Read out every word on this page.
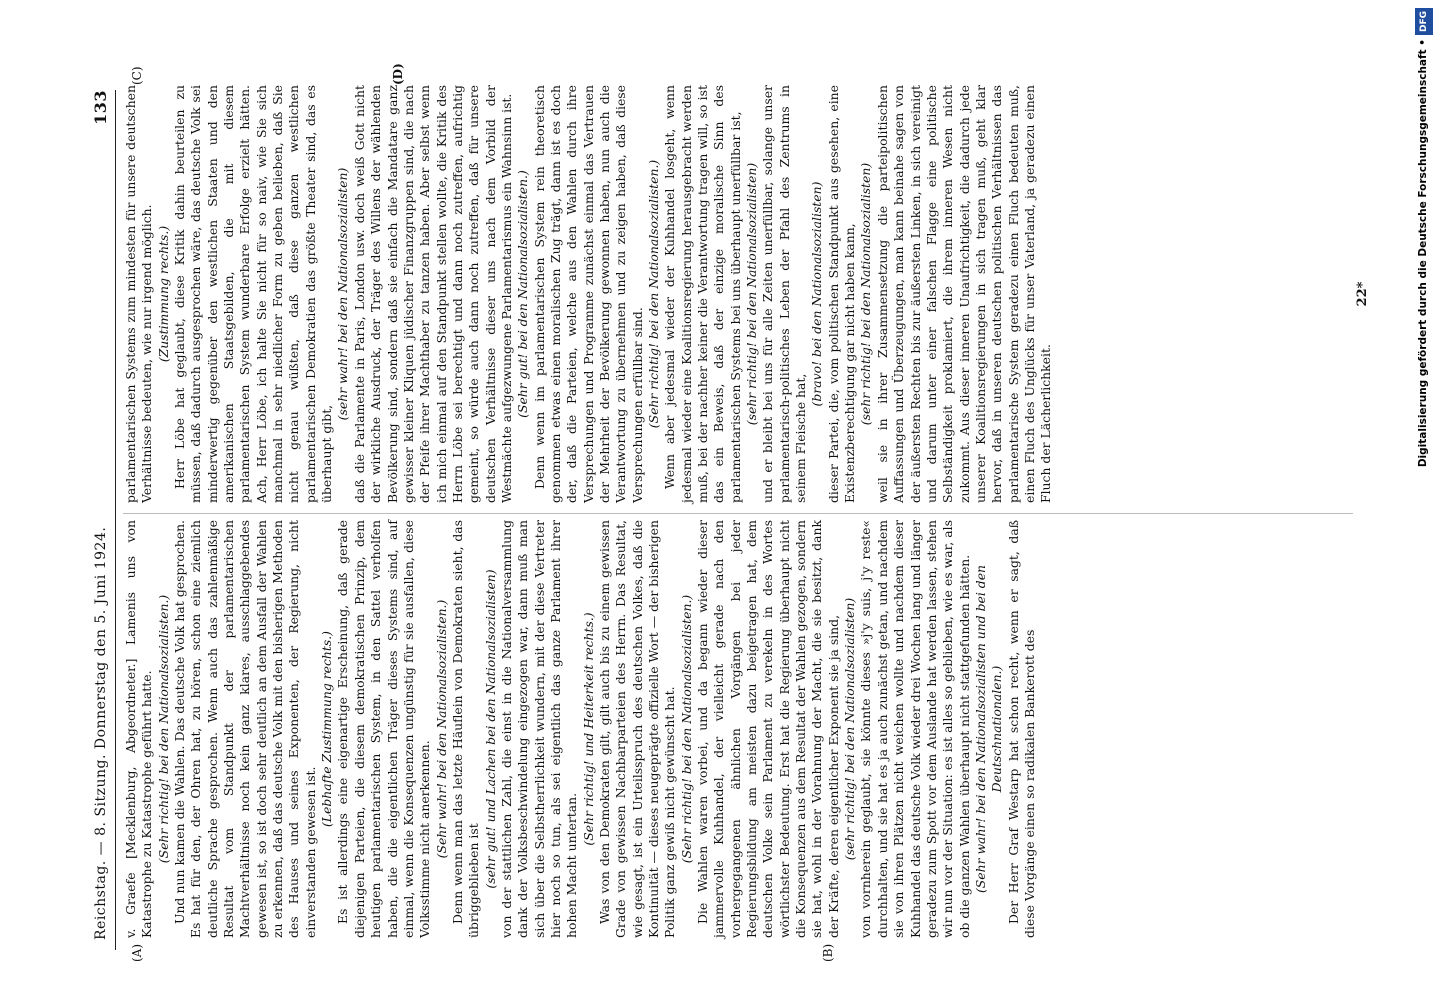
Reichstag. — 8. Sitzung. Donnerstag den 5. Juni 1924.
133
(A)	(B)
(C)	(D)

v. Graefe [Mecklenburg, Abgeordneter.] Lamenis uns von Katastrophe zu Katastrophe geführt hatte. (Sehr richtig! bei den Nationalsozialisten.) Und nun kamen die Wahlen. Das deutsche Volk hat gesprochen. Es hat für den, der Ohren hat, zu hören, schon eine ziemlich deutliche Sprache gesprochen. Wenn auch das zahlenmäßige Resultat vom Standpunkt der parlamentarischen Machtverhältnisse noch kein ganz klares, ausschlaggebendes gewesen ist, so ist doch sehr deutlich an dem Ausfall der Wahlen zu erkennen, daß das deutsche Volk mit den bisherigen Methoden des Hauses und seines Exponenten, der Regierung, nicht einverstanden gewesen ist.

(Lebhafte Zustimmung rechts.) Es ist allerdings eine eigenartige Erscheinung, daß gerade diejenigen Parteien, die diesem demokratischen Prinzip, dem heutigen parlamentarischen System, in den Sattel verholfen haben, die die eigentlichen Träger dieses Systems sind, auf einmal, wenn die Konsequenzen ungünstig für sie ausfallen, diese Volksstimme nicht anerkennen. (Sehr wahr! bei den Nationalsozialisten.) Denn wenn man das letzte Häuflein von Demokraten sieht, das übriggeblieben ist (sehr gut! und Lachen bei den Nationalsozialisten) von der stattlichen Zahl, die einst in die Nationalversammlung dank der Volksbeschwindelung eingezogen war, dann muß man sich über die Selbstherrlichkeit wundern, mit der diese Vertreter hier noch so tun, als sei eigentlich das ganze Parlament ihrer hohen Macht untertan.

(Sehr richtig! und Heiterkeit rechts.) Was von den Demokraten gilt, gilt auch bis zu einem gewissen Grade von gewissen Nachbarparteien des Herrn. Das Resultat, wie gesagt, ist ein Urteilsspruch des deutschen Volkes, daß die Kontinuität — dieses neugeprägte offizielle Wort — der bisherigen Politik ganz gewiß nicht gewünscht hat. (Sehr richtig! bei den Nationalsozialisten.) Die Wahlen waren vorbei, und da begann wieder dieser jammervolle Kuhhandel, der vielleicht gerade nach den vorhergegangenen ähnlichen Vorgängen bei jeder Regierungsbildung am meisten dazu beigetragen hat, dem deutschen Volke sein Parlament zu verekeln in des Wortes wörtlichster Bedeutung. Erst hat die Regierung überhaupt nicht die Konsequenzen aus dem Resultat der Wahlen gezogen, sondern sie hat, wohl in der Vorahnung der Macht, die sie besitzt, dank der Kräfte, deren eigentlicher Exponent sie ja sind, (sehr richtig! bei den Nationalsozialisten) von vornherein geglaubt, sie könnte dieses »j'y suis, j'y reste« durchhalten, und sie hat es ja auch zunächst getan, und nachdem sie von ihren Plätzen nicht weichen wollte und nachdem dieser Kuhhandel das deutsche Volk wieder drei Wochen lang und länger geradezu zum Spott vor dem Auslande hat werden lassen, stehen wir nun vor der Situation: es ist alles so geblieben, wie es war, als ob die ganzen Wahlen überhaupt nicht stattgefunden hätten. (Sehr wahr! bei den Nationalsozialisten und bei den Deutschnationalen.) Der Herr Graf Westarp hat schon recht, wenn er sagt, daß diese Vorgänge einen so radikalen Bankerott des

parlamentarischen Systems zum mindesten für unsere deutschen Verhältnisse bedeuten, wie nur irgend möglich. (Zustimmung rechts.) Herr Löbe hat geglaubt, diese Kritik dahin beurteilen zu müssen, daß dadurch ausgesprochen wäre, das deutsche Volk sei minderwertig gegenüber den westlichen Staaten und den amerikanischen Staatsgebilden, die mit diesem parlamentarischen System wunderbare Erfolge erzielt hätten. Ach, Herr Löbe, ich halte Sie nicht für so naiv, wie Sie sich manchmal in sehr niedlicher Form zu geben belieben, daß Sie nicht genau wüßten, daß diese ganzen westlichen parlamentarischen Demokratien das größte Theater sind, das es überhaupt gibt,

(sehr wahr! bei den Nationalsozialisten) daß die Parlamente in Paris, London usw. doch weiß Gott nicht der wirkliche Ausdruck, der Träger des Willens der wählenden Bevölkerung sind, sondern daß sie einfach die Mandatare ganz gewisser kleiner Kliquen jüdischer Finanzgruppen sind, die nach der Pfeife ihrer Machthaber zu tanzen haben. Aber selbst wenn ich mich einmal auf den Standpunkt stellen wollte, die Kritik des Herrn Löbe sei berechtigt und dann noch zutreffen, aufrichtig gemeint, so würde auch dann noch zutreffen, daß für unsere deutschen Verhältnisse dieser uns nach dem Vorbild der Westmächte aufgezwungene Parlamentarismus ein Wahnsinn ist. (Sehr gut! bei den Nationalsozialisten.) Denn wenn im parlamentarischen System rein theoretisch genommen etwas einen moralischen Zug trägt, dann ist es doch der, daß die Parteien, welche aus den Wahlen durch ihre Versprechungen und Programme zunächst einmal das Vertrauen der Mehrheit der Bevölkerung gewonnen haben, nun auch die Verantwortung zu übernehmen und zu zeigen haben, daß diese Versprechungen erfüllbar sind. (Sehr richtig! bei den Nationalsozialisten.) Wenn aber jedesmal wieder der Kuhhandel losgeht, wenn jedesmal wieder eine Koalitionsregierung herausgebracht werden muß, bei der nachher keiner die Verantwortung tragen will, so ist das ein Beweis, daß der einzige moralische Sinn des parlamentarischen Systems bei uns überhaupt unerfüllbar ist, (sehr richtig! bei den Nationalsozialisten) und er bleibt bei uns für alle Zeiten unerfüllbar, solange unser parlamentarisch-politisches Leben der Pfahl des Zentrums in seinem Fleische hat,

(bravo! bei den Nationalsozialisten) dieser Partei, die, vom politischen Standpunkt aus gesehen, eine Existenzberechtigung gar nicht haben kann, (sehr richtig! bei den Nationalsozialisten) weil sie in ihrer Zusammensetzung die parteipolitischen Auffassungen und Überzeugungen, man kann beinahe sagen von der äußersten Rechten bis zur äußersten Linken, in sich vereinigt und darum unter einer falschen Flagge eine politische Selbständigkeit proklamiert, die ihrem inneren Wesen nicht zukommt. Aus dieser inneren Unaufrichtigkeit, die dadurch jede unserer Koalitionsregierungen in sich tragen muß, geht klar hervor, daß in unseren deutschen politischen Verhältnissen das parlamentarische System geradezu einen Fluch bedeuten muß, einen Fluch des Unglücks für unser Vaterland, ja geradezu einen Fluch der Lächerlichkeit.

22*	Digitalisierung gefördert durch die Deutsche Forschungsgemeinschaft •DFG
